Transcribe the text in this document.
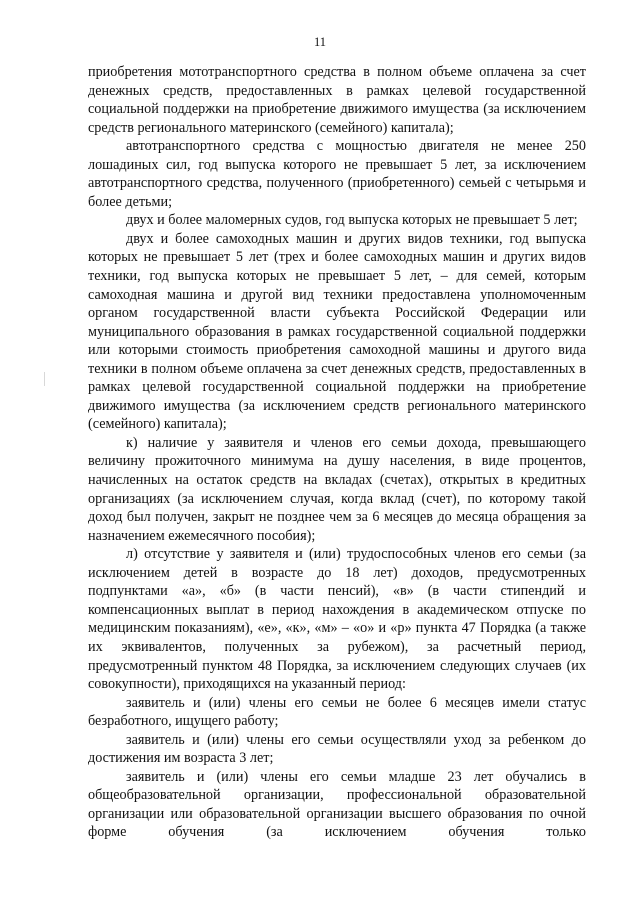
11

приобретения мототранспортного средства в полном объеме оплачена за счет денежных средств, предоставленных в рамках целевой государственной социальной поддержки на приобретение движимого имущества (за исключением средств регионального материнского (семейного) капитала);

автотранспортного средства с мощностью двигателя не менее 250 лошадиных сил, год выпуска которого не превышает 5 лет, за исключением автотранспортного средства, полученного (приобретенного) семьей с четырьмя и более детьми;

двух и более маломерных судов, год выпуска которых не превышает 5 лет;

двух и более самоходных машин и других видов техники, год выпуска которых не превышает 5 лет (трех и более самоходных машин и других видов техники, год выпуска которых не превышает 5 лет, – для семей, которым самоходная машина и другой вид техники предоставлена уполномоченным органом государственной власти субъекта Российской Федерации или муниципального образования в рамках государственной социальной поддержки или которыми стоимость приобретения самоходной машины и другого вида техники в полном объеме оплачена за счет денежных средств, предоставленных в рамках целевой государственной социальной поддержки на приобретение движимого имущества (за исключением средств регионального материнского (семейного) капитала);

к) наличие у заявителя и членов его семьи дохода, превышающего величину прожиточного минимума на душу населения, в виде процентов, начисленных на остаток средств на вкладах (счетах), открытых в кредитных организациях (за исключением случая, когда вклад (счет), по которому такой доход был получен, закрыт не позднее чем за 6 месяцев до месяца обращения за назначением ежемесячного пособия);

л) отсутствие у заявителя и (или) трудоспособных членов его семьи (за исключением детей в возрасте до 18 лет) доходов, предусмотренных подпунктами «а», «б» (в части пенсий), «в» (в части стипендий и компенсационных выплат в период нахождения в академическом отпуске по медицинским показаниям), «е», «к», «м» – «о» и «р» пункта 47 Порядка (а также их эквивалентов, полученных за рубежом), за расчетный период, предусмотренный пунктом 48 Порядка, за исключением следующих случаев (их совокупности), приходящихся на указанный период:

заявитель и (или) члены его семьи не более 6 месяцев имели статус безработного, ищущего работу;

заявитель и (или) члены его семьи осуществляли уход за ребенком до достижения им возраста 3 лет;

заявитель и (или) члены его семьи младше 23 лет обучались в общеобразовательной организации, профессиональной образовательной организации или образовательной организации высшего образования по очной форме обучения (за исключением обучения только
